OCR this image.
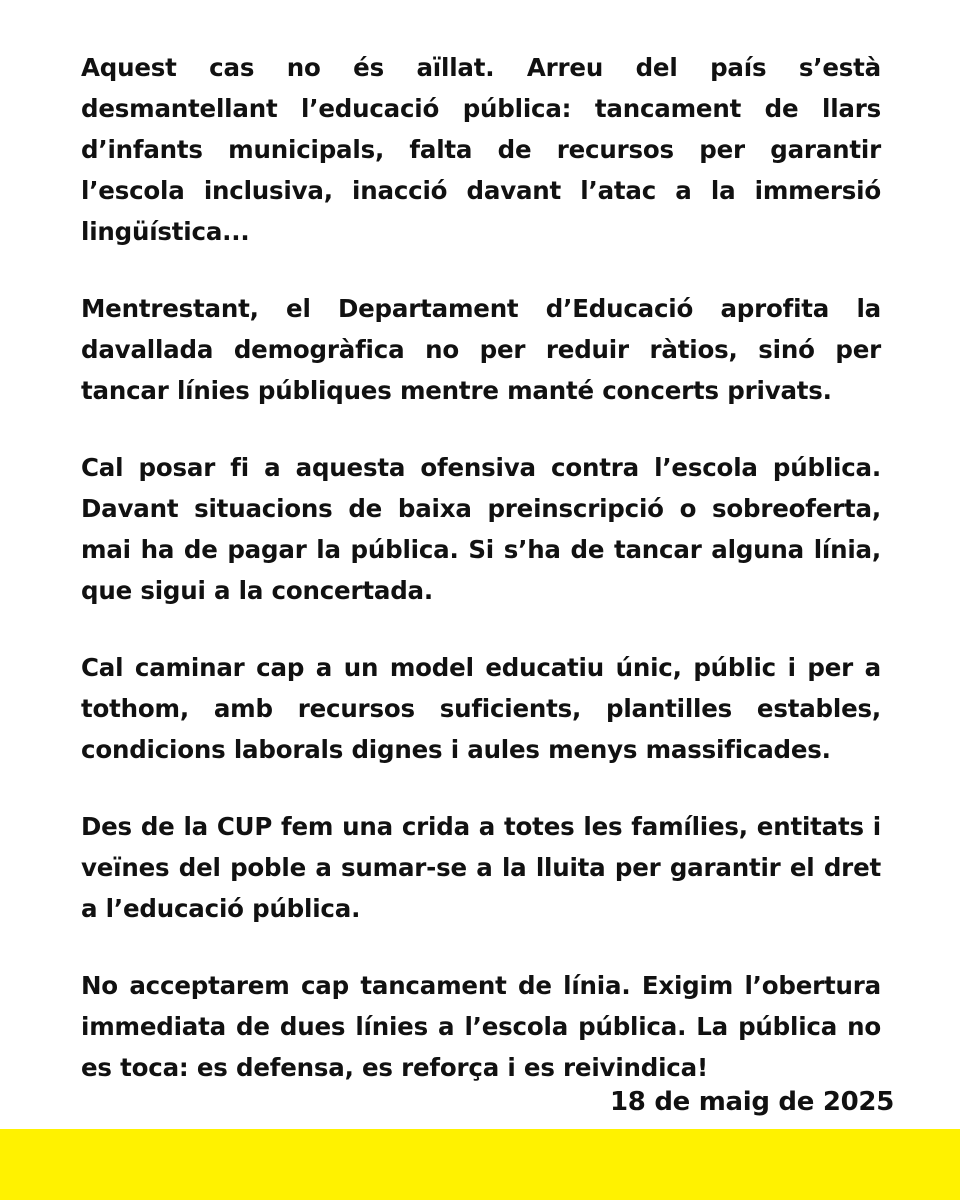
Aquest cas no és aïllat. Arreu del país s’està desmantellant l’educació pública: tancament de llars d’infants municipals, falta de recursos per garantir l’escola inclusiva, inacció davant l’atac a la immersió lingüística...

Mentrestant, el Departament d’Educació aprofita la davallada demogràfica no per reduir ràtios, sinó per tancar línies públiques mentre manté concerts privats.

Cal posar fi a aquesta ofensiva contra l’escola pública. Davant situacions de baixa preinscripció o sobreoferta, mai ha de pagar la pública. Si s’ha de tancar alguna línia, que sigui a la concertada.

Cal caminar cap a un model educatiu únic, públic i per a tothom, amb recursos suficients, plantilles estables, condicions laborals dignes i aules menys massificades.

Des de la CUP fem una crida a totes les famílies, entitats i veïnes del poble a sumar-se a la lluita per garantir el dret a l’educació pública.

No acceptarem cap tancament de línia. Exigim l’obertura immediata de dues línies a l’escola pública. La pública no es toca: es defensa, es reforça i es reivindica!

18 de maig de 2025
